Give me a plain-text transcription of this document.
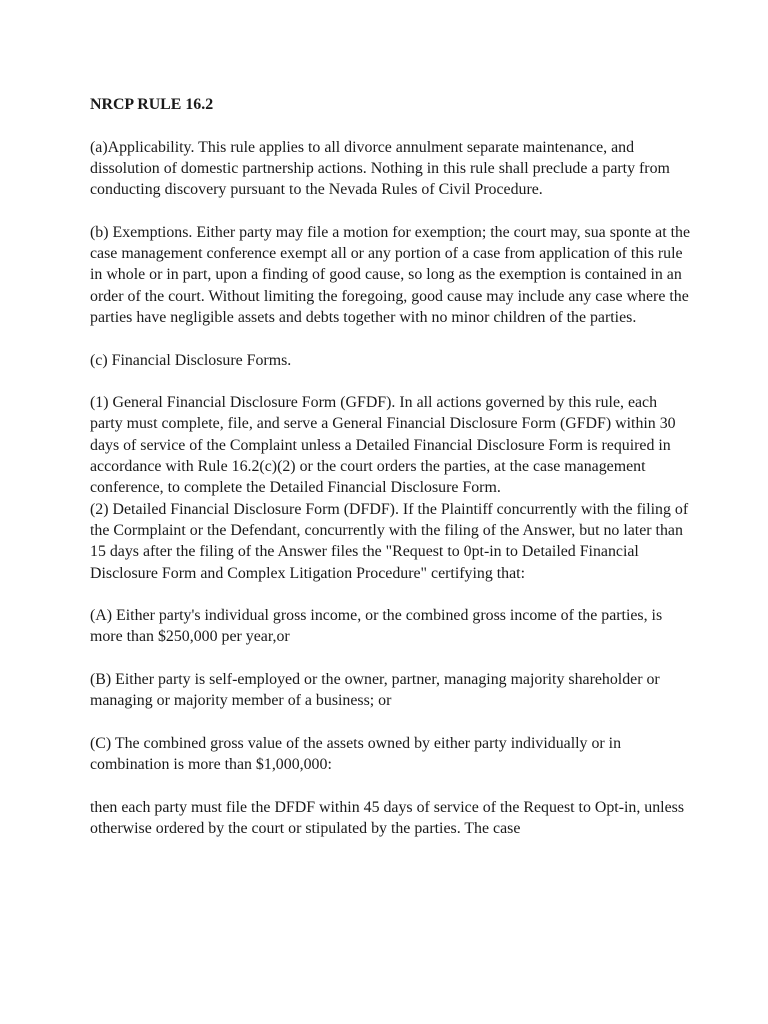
NRCP RULE 16.2

(a)Applicability. This rule applies to all divorce annulment separate maintenance, and dissolution of domestic partnership actions. Nothing in this rule shall preclude a party from conducting discovery pursuant to the Nevada Rules of Civil Procedure.

(b) Exemptions. Either party may file a motion for exemption; the court may, sua sponte at the case management conference exempt all or any portion of a case from application of this rule in whole or in part, upon a finding of good cause, so long as the exemption is contained in an order of the court. Without limiting the foregoing, good cause may include any case where the parties have negligible assets and debts together with no minor children of the parties.

(c) Financial Disclosure Forms.

(1) General Financial Disclosure Form (GFDF). In all actions governed by this rule, each party must complete, file, and serve a General Financial Disclosure Form (GFDF) within 30 days of service of the Complaint unless a Detailed Financial Disclosure Form is required in accordance with Rule 16.2(c)(2) or the court orders the parties, at the case management conference, to complete the Detailed Financial Disclosure Form.

(2) Detailed Financial Disclosure Form (DFDF). If the Plaintiff concurrently with the filing of the Cormplaint or the Defendant, concurrently with the filing of the Answer, but no later than 15 days after the filing of the Answer files the "Request to 0pt-in to Detailed Financial Disclosure Form and Complex Litigation Procedure" certifying that:

(A) Either party's individual gross income, or the combined gross income of the parties, is more than $250,000 per year,or

(B) Either party is self-employed or the owner, partner, managing majority shareholder or managing or majority member of a business; or

(C) The combined gross value of the assets owned by either party individually or in combination is more than $1,000,000:

then each party must file the DFDF within 45 days of service of the Request to Opt-in, unless otherwise ordered by the court or stipulated by the parties. The case
